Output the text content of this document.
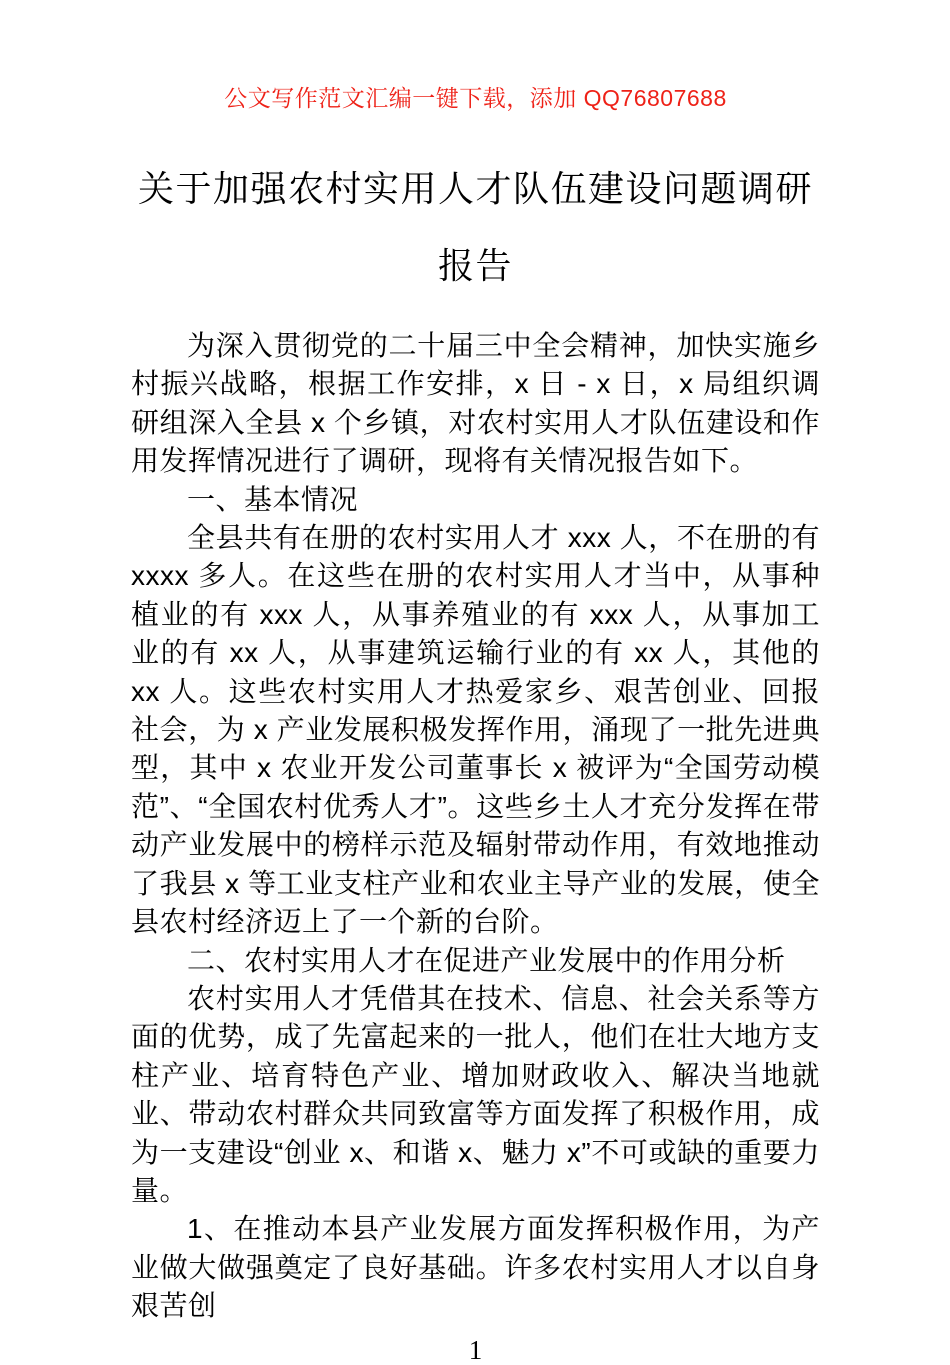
公文写作范文汇编一键下载，添加 QQ76807688
关于加强农村实用人才队伍建设问题调研报告

为深入贯彻党的二十届三中全会精神，加快实施乡村振兴战略，根据工作安排，x 日 - x 日，x 局组织调研组深入全县 x 个乡镇，对农村实用人才队伍建设和作用发挥情况进行了调研，现将有关情况报告如下。

一、基本情况

全县共有在册的农村实用人才 xxx 人，不在册的有 xxxx 多人。在这些在册的农村实用人才当中，从事种植业的有 xxx 人，从事养殖业的有 xxx 人，从事加工业的有 xx 人，从事建筑运输行业的有 xx 人，其他的 xx 人。这些农村实用人才热爱家乡、艰苦创业、回报社会，为 x 产业发展积极发挥作用，涌现了一批先进典型，其中 x 农业开发公司董事长 x 被评为“全国劳动模范”、“全国农村优秀人才”。这些乡土人才充分发挥在带动产业发展中的榜样示范及辐射带动作用，有效地推动了我县 x 等工业支柱产业和农业主导产业的发展，使全县农村经济迈上了一个新的台阶。

二、农村实用人才在促进产业发展中的作用分析

农村实用人才凭借其在技术、信息、社会关系等方面的优势，成了先富起来的一批人，他们在壮大地方支柱产业、培育特色产业、增加财政收入、解决当地就业、带动农村群众共同致富等方面发挥了积极作用，成为一支建设“创业 x、和谐 x、魅力 x”不可或缺的重要力量。

1、在推动本县产业发展方面发挥积极作用，为产业做大做强奠定了良好基础。许多农村实用人才以自身艰苦创

1
